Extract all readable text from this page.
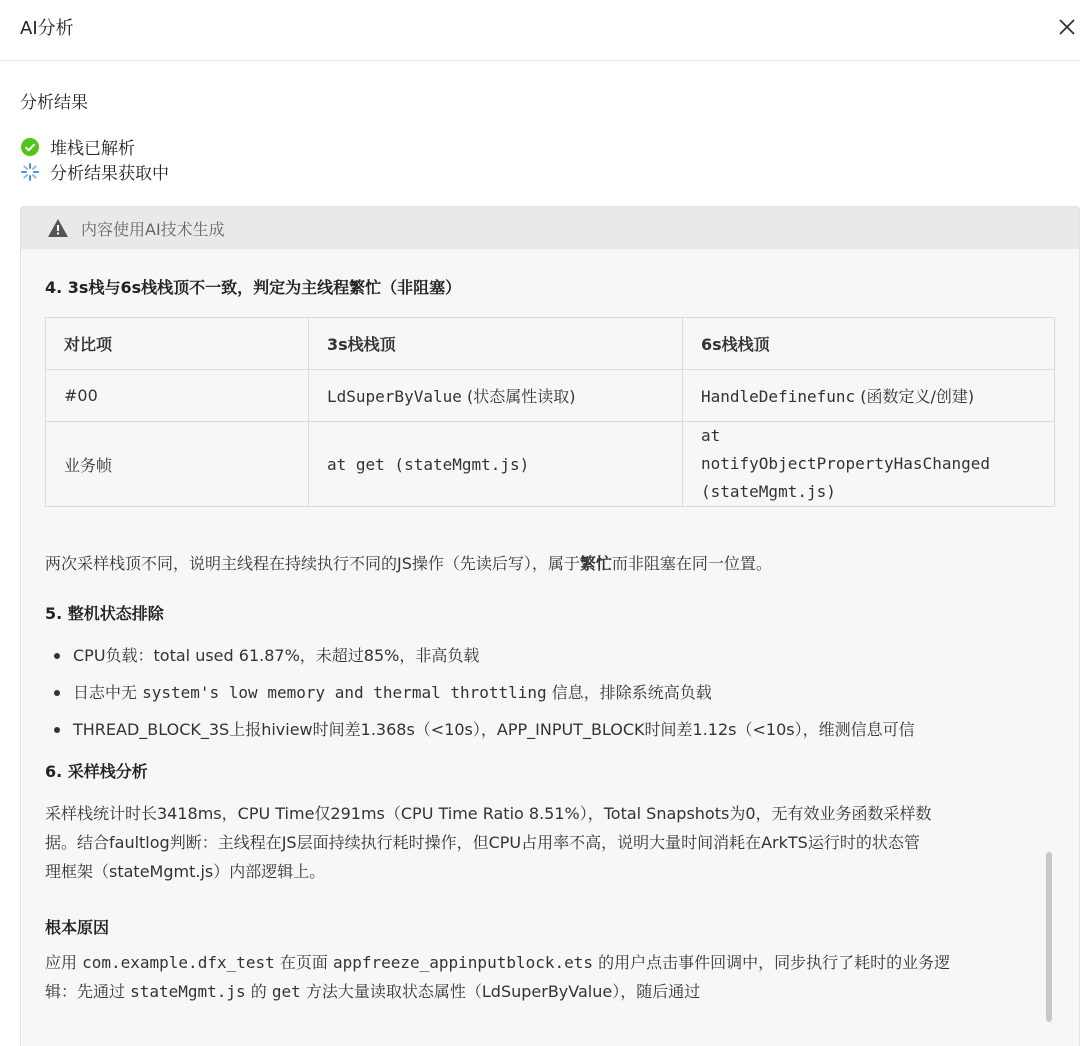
AI分析
分析结果
堆栈已解析
分析结果获取中
内容使用AI技术生成
4. 3s栈与6s栈栈顶不一致，判定为主线程繁忙（非阻塞）
对比项	3s栈栈顶	6s栈栈顶
#00	LdSuperByValue (状态属性读取)	HandleDefinefunc (函数定义/创建)
业务帧	at get (stateMgmt.js)	at
notifyObjectPropertyHasChanged
(stateMgmt.js)
两次采样栈顶不同，说明主线程在持续执行不同的JS操作（先读后写），属于繁忙而非阻塞在同一位置。
5. 整机状态排除
CPU负载：total used 61.87%，未超过85%，非高负载
日志中无 system's low memory and thermal throttling 信息，排除系统高负载
THREAD_BLOCK_3S上报hiview时间差1.368s（<10s），APP_INPUT_BLOCK时间差1.12s（<10s），维测信息可信
6. 采样栈分析
采样栈统计时长3418ms，CPU Time仅291ms（CPU Time Ratio 8.51%），Total Snapshots为0，无有效业务函数采样数
据。结合faultlog判断：主线程在JS层面持续执行耗时操作，但CPU占用率不高，说明大量时间消耗在ArkTS运行时的状态管
理框架（stateMgmt.js）内部逻辑上。
根本原因
应用 com.example.dfx_test 在页面 appfreeze_appinputblock.ets 的用户点击事件回调中，同步执行了耗时的业务逻
辑：先通过 stateMgmt.js 的 get 方法大量读取状态属性（LdSuperByValue），随后通过
